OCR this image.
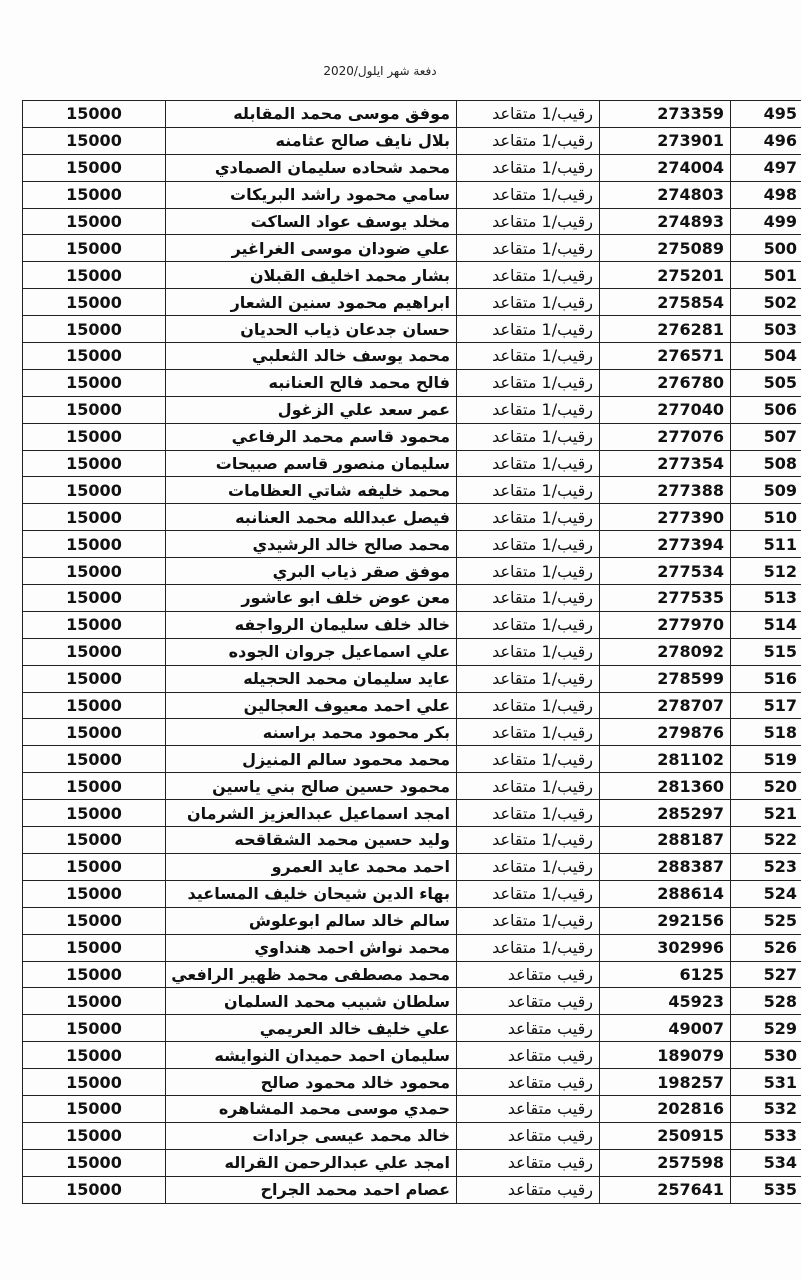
دفعة شهر ايلول/2020
15000	موفق موسى محمد المقابله	رقيب/1 متقاعد	273359	495
15000	بلال نايف صالح عثامنه	رقيب/1 متقاعد	273901	496
15000	محمد شحاده سليمان الصمادي	رقيب/1 متقاعد	274004	497
15000	سامي محمود راشد البريكات	رقيب/1 متقاعد	274803	498
15000	مخلد يوسف عواد الساكت	رقيب/1 متقاعد	274893	499
15000	علي ضودان موسى الغراغير	رقيب/1 متقاعد	275089	500
15000	بشار محمد اخليف القبلان	رقيب/1 متقاعد	275201	501
15000	ابراهيم محمود سنين الشعار	رقيب/1 متقاعد	275854	502
15000	حسان جدعان ذياب الحديان	رقيب/1 متقاعد	276281	503
15000	محمد يوسف خالد الثعلبي	رقيب/1 متقاعد	276571	504
15000	فالح محمد فالح العنانبه	رقيب/1 متقاعد	276780	505
15000	عمر سعد علي الزغول	رقيب/1 متقاعد	277040	506
15000	محمود قاسم محمد الرفاعي	رقيب/1 متقاعد	277076	507
15000	سليمان منصور قاسم صبيحات	رقيب/1 متقاعد	277354	508
15000	محمد خليفه شاتي العظامات	رقيب/1 متقاعد	277388	509
15000	فيصل عبدالله محمد العنانبه	رقيب/1 متقاعد	277390	510
15000	محمد صالح خالد الرشيدي	رقيب/1 متقاعد	277394	511
15000	موفق صقر ذياب البري	رقيب/1 متقاعد	277534	512
15000	معن عوض خلف ابو عاشور	رقيب/1 متقاعد	277535	513
15000	خالد خلف سليمان الرواجفه	رقيب/1 متقاعد	277970	514
15000	علي اسماعيل جروان الجوده	رقيب/1 متقاعد	278092	515
15000	عايد سليمان محمد الحجيله	رقيب/1 متقاعد	278599	516
15000	علي احمد معيوف العجالين	رقيب/1 متقاعد	278707	517
15000	بكر محمود محمد براسنه	رقيب/1 متقاعد	279876	518
15000	محمد محمود سالم المنيزل	رقيب/1 متقاعد	281102	519
15000	محمود حسين صالح بني ياسين	رقيب/1 متقاعد	281360	520
15000	امجد اسماعيل عبدالعزيز الشرمان	رقيب/1 متقاعد	285297	521
15000	وليد حسين محمد الشقاقحه	رقيب/1 متقاعد	288187	522
15000	احمد محمد عايد العمرو	رقيب/1 متقاعد	288387	523
15000	بهاء الدين شيحان خليف المساعيد	رقيب/1 متقاعد	288614	524
15000	سالم خالد سالم ابوعلوش	رقيب/1 متقاعد	292156	525
15000	محمد نواش احمد هنداوي	رقيب/1 متقاعد	302996	526
15000	محمد مصطفى محمد ظهير الرافعي	رقيب متقاعد	6125	527
15000	سلطان شبيب محمد السلمان	رقيب متقاعد	45923	528
15000	علي خليف خالد العريمي	رقيب متقاعد	49007	529
15000	سليمان احمد حميدان النوايشه	رقيب متقاعد	189079	530
15000	محمود خالد محمود صالح	رقيب متقاعد	198257	531
15000	حمدي موسى محمد المشاهره	رقيب متقاعد	202816	532
15000	خالد محمد عيسى جرادات	رقيب متقاعد	250915	533
15000	امجد علي عبدالرحمن القراله	رقيب متقاعد	257598	534
15000	عصام احمد محمد الجراح	رقيب متقاعد	257641	535
